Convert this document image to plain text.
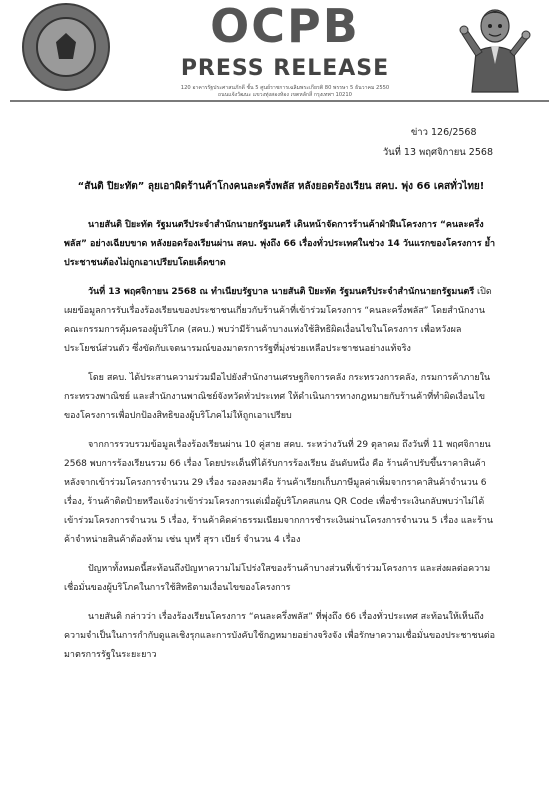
OCPB
PRESS RELEASE
120 อาคารรัฐประศาสนภักดี ชั้น 5 ศูนย์ราชการเฉลิมพระเกียรติ 80 พรรษา 5 ธันวาคม 2550
ถนนแจ้งวัฒนะ แขวงทุ่งสองห้อง เขตหลักสี่ กรุงเทพฯ 10210
ข่าว 126/2568
วันที่ 13 พฤศจิกายน 2568
“สันติ ปิยะทัต” ลุยเอาผิดร้านค้าโกงคนละครึ่งพลัส หลังยอดร้องเรียน สคบ. พุ่ง 66 เคสทั่วไทย!

นายสันติ ปิยะทัต รัฐมนตรีประจำสำนักนายกรัฐมนตรี เดินหน้าจัดการร้านค้าฝ่าฝืนโครงการ “คนละครึ่งพลัส” อย่างเฉียบขาด หลังยอดร้องเรียนผ่าน สคบ. พุ่งถึง 66 เรื่องทั่วประเทศในช่วง 14 วันแรกของโครงการ ย้ำประชาชนต้องไม่ถูกเอาเปรียบโดยเด็ดขาด

วันที่ 13 พฤศจิกายน 2568 ณ ทำเนียบรัฐบาล นายสันติ ปิยะทัต รัฐมนตรีประจำสำนักนายกรัฐมนตรี เปิดเผยข้อมูลการรับเรื่องร้องเรียนของประชาชนเกี่ยวกับร้านค้าที่เข้าร่วมโครงการ “คนละครึ่งพลัส” โดยสำนักงานคณะกรรมการคุ้มครองผู้บริโภค (สคบ.) พบว่ามีร้านค้าบางแห่งใช้สิทธิผิดเงื่อนไขในโครงการ เพื่อหวังผลประโยชน์ส่วนตัว ซึ่งขัดกับเจตนารมณ์ของมาตรการรัฐที่มุ่งช่วยเหลือประชาชนอย่างแท้จริง

โดย สคบ. ได้ประสานความร่วมมือไปยังสำนักงานเศรษฐกิจการคลัง กระทรวงการคลัง, กรมการค้าภายใน กระทรวงพาณิชย์ และสำนักงานพาณิชย์จังหวัดทั่วประเทศ ให้ดำเนินการทางกฎหมายกับร้านค้าที่ทำผิดเงื่อนไขของโครงการเพื่อปกป้องสิทธิของผู้บริโภคไม่ให้ถูกเอาเปรียบ

จากการรวบรวมข้อมูลเรื่องร้องเรียนผ่าน 10 คู่สาย สคบ. ระหว่างวันที่ 29 ตุลาคม ถึงวันที่ 11 พฤศจิกายน 2568 พบการร้องเรียนรวม 66 เรื่อง โดยประเด็นที่ได้รับการร้องเรียน อันดับหนึ่ง คือ ร้านค้าปรับขึ้นราคาสินค้าหลังจากเข้าร่วมโครงการจำนวน 29 เรื่อง รองลงมาคือ ร้านค้าเรียกเก็บภาษีมูลค่าเพิ่มจากราคาสินค้าจำนวน 6 เรื่อง, ร้านค้าติดป้ายหรือแจ้งว่าเข้าร่วมโครงการแต่เมื่อผู้บริโภคสแกน QR Code เพื่อชำระเงินกลับพบว่าไม่ได้เข้าร่วมโครงการจำนวน 5 เรื่อง, ร้านค้าคิดค่าธรรมเนียมจากการชำระเงินผ่านโครงการจำนวน 5 เรื่อง และร้านค้าจำหน่ายสินค้าต้องห้าม เช่น บุหรี่ สุรา เบียร์ จำนวน 4 เรื่อง

ปัญหาทั้งหมดนี้สะท้อนถึงปัญหาความไม่โปร่งใสของร้านค้าบางส่วนที่เข้าร่วมโครงการ และส่งผลต่อความเชื่อมั่นของผู้บริโภคในการใช้สิทธิตามเงื่อนไขของโครงการ

นายสันติ กล่าวว่า เรื่องร้องเรียนโครงการ “คนละครึ่งพลัส” ที่พุ่งถึง 66 เรื่องทั่วประเทศ สะท้อนให้เห็นถึงความจำเป็นในการกำกับดูแลเชิงรุกและการบังคับใช้กฎหมายอย่างจริงจัง เพื่อรักษาความเชื่อมั่นของประชาชนต่อมาตรการรัฐในระยะยาว
